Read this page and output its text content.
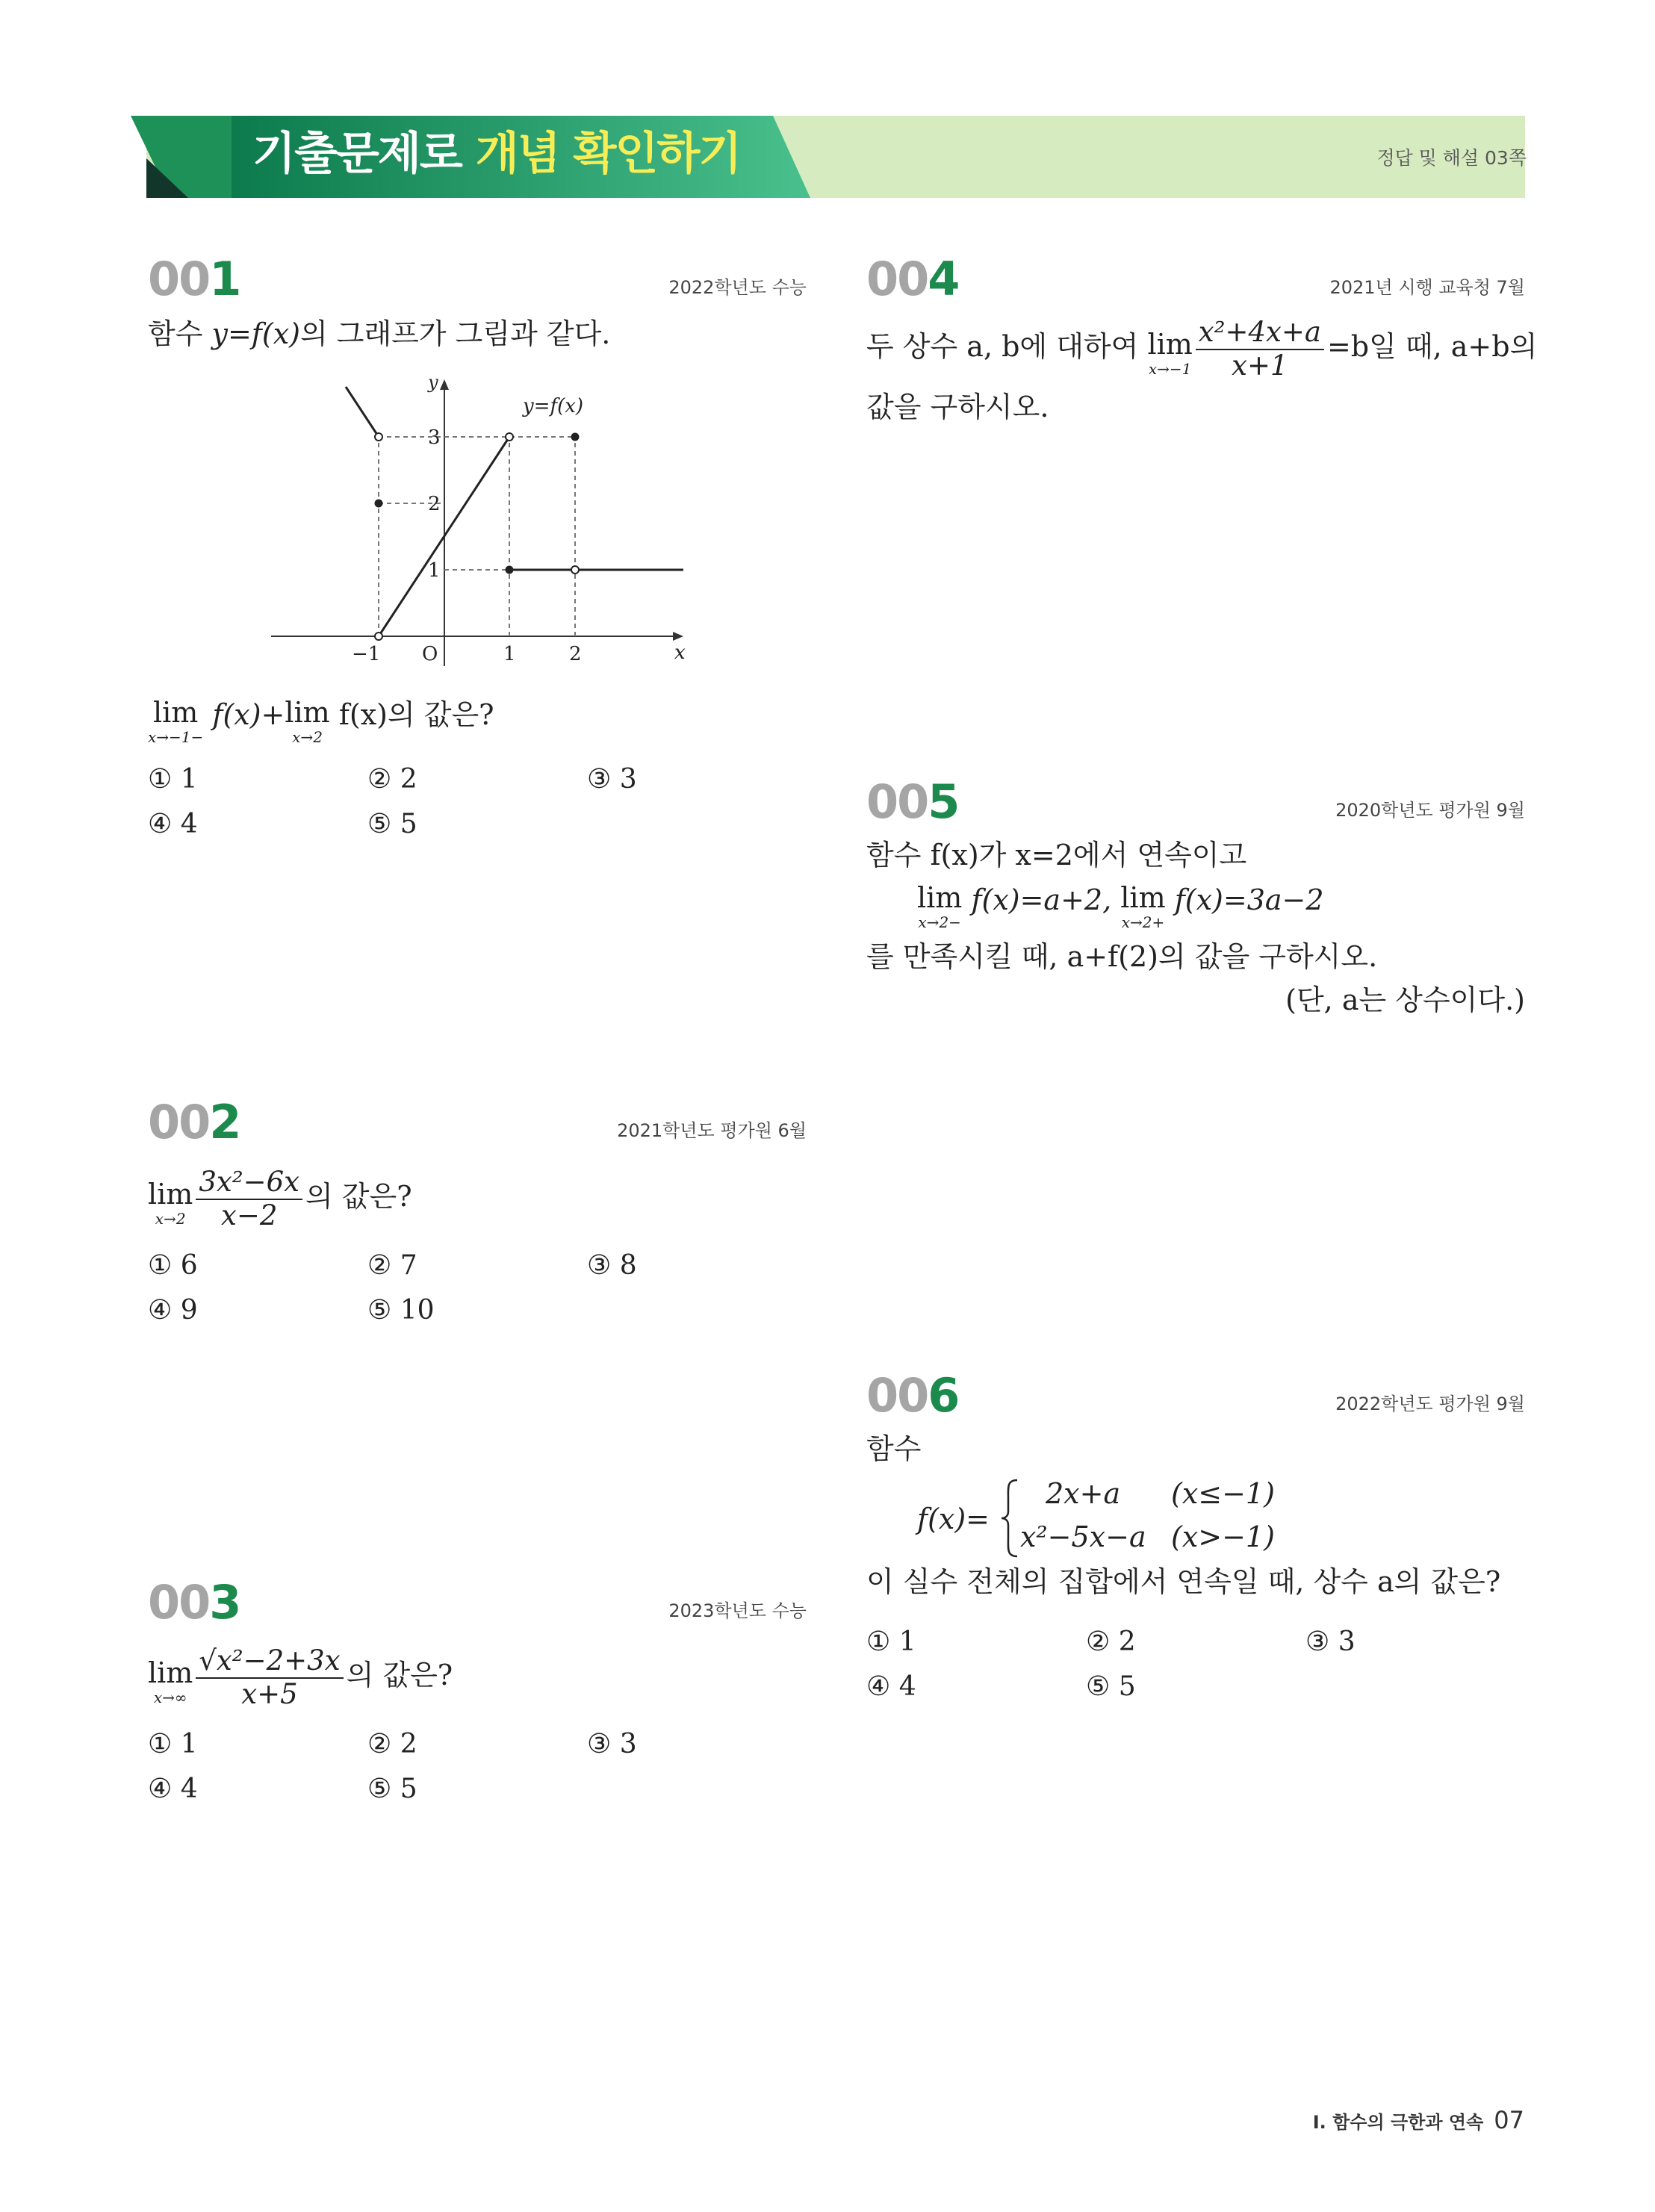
기출문제로 개념 확인하기	정답 및 해설 03쪽
001	2022학년도 수능
함수 y=f(x)의 그래프가 그림과 같다.
lim
x→−1−
f(x)+ lim
x→2
f(x)의 값은?
① 1	② 2	③ 3
④ 4	⑤ 5
y
x
O
y=f(x)
−1	1	2
1
2
3
002	2021학년도 평가원 6월
lim
$x\to 2 \frac{\text{3x²−6x}}{x-2}$ 의 값은?
① 6	② 7	③ 8
④ 9	⑤ 10
003	2023학년도 수능
lim
$x\to\infty \frac{\text{√x²−2+3x}}{x+5}$ 의 값은?
① 1	② 2	③ 3
④ 4	⑤ 5
004	2021년 시행 교육청 7월
두 상수 a, b에 대하여 lim
$x\to-1 \frac{\text{x²+4x+a}}{x+1} =b$일 때, a+b의
값을 구하시오.
005	2020학년도 평가원 9월
함수 f(x)가 x=2에서 연속이고
lim
x→2−
f(x)=a+2, lim
x→2+
f(x)=3a−2
를 만족시킬 때, a+f(2)의 값을 구하시오.
(단, a는 상수이다.)
006	2022학년도 평가원 9월
함수
f(x)=
2x+a (x≤−1)
x²−5x−a (x>−1)
이 실수 전체의 집합에서 연속일 때, 상수 a의 값은?
① 1	② 2	③ 3
④ 4	⑤ 5
I. 함수의 극한과 연속 07
